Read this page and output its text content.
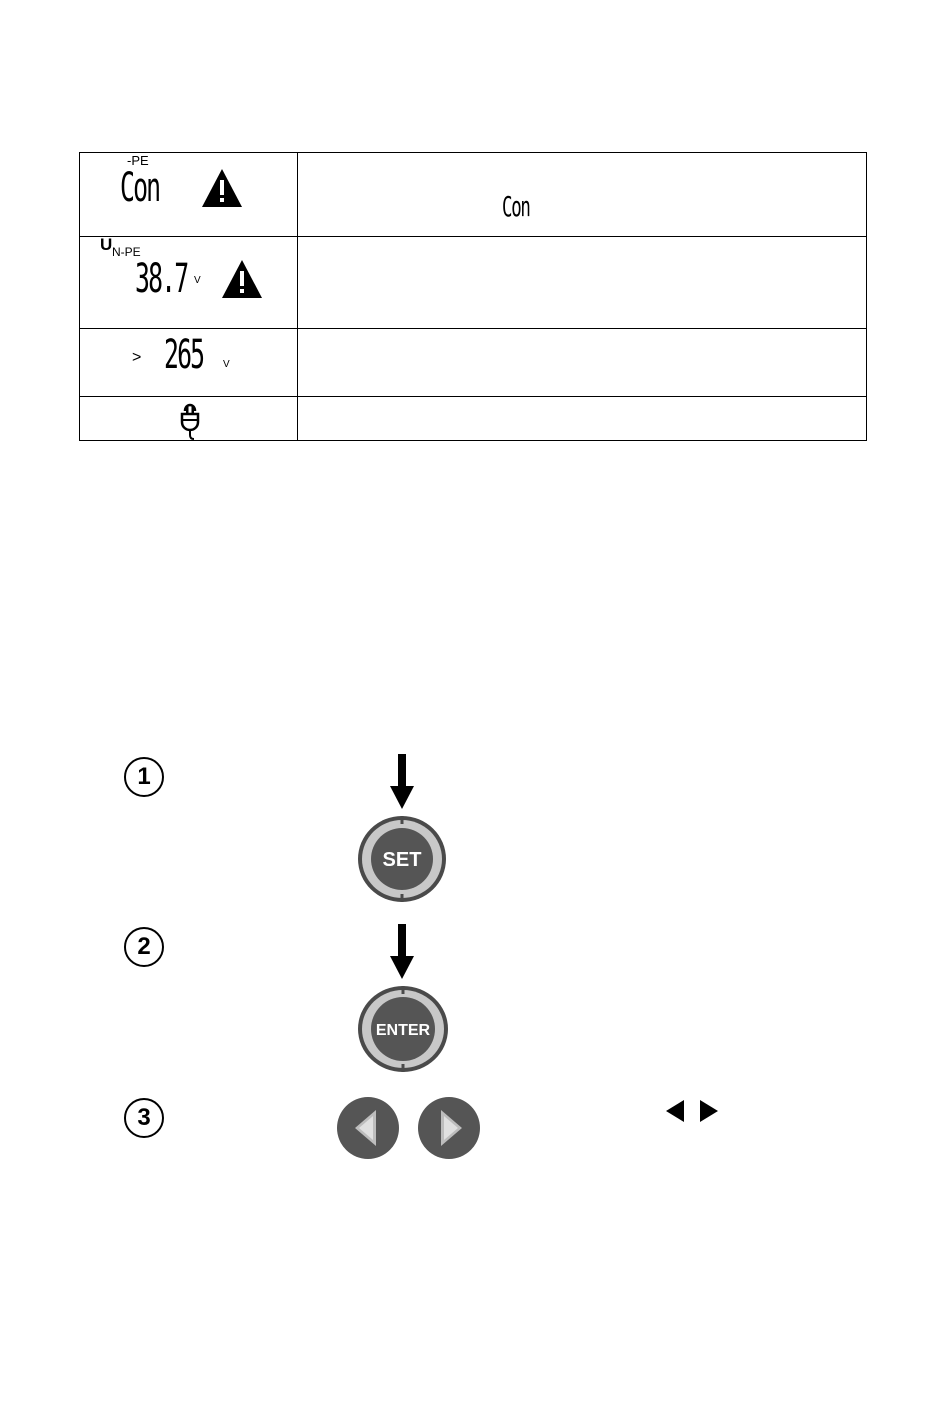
-PE
Con	Con
U N-PE
38.7 V
> 265 V
1
SET
2
ENTER
3
